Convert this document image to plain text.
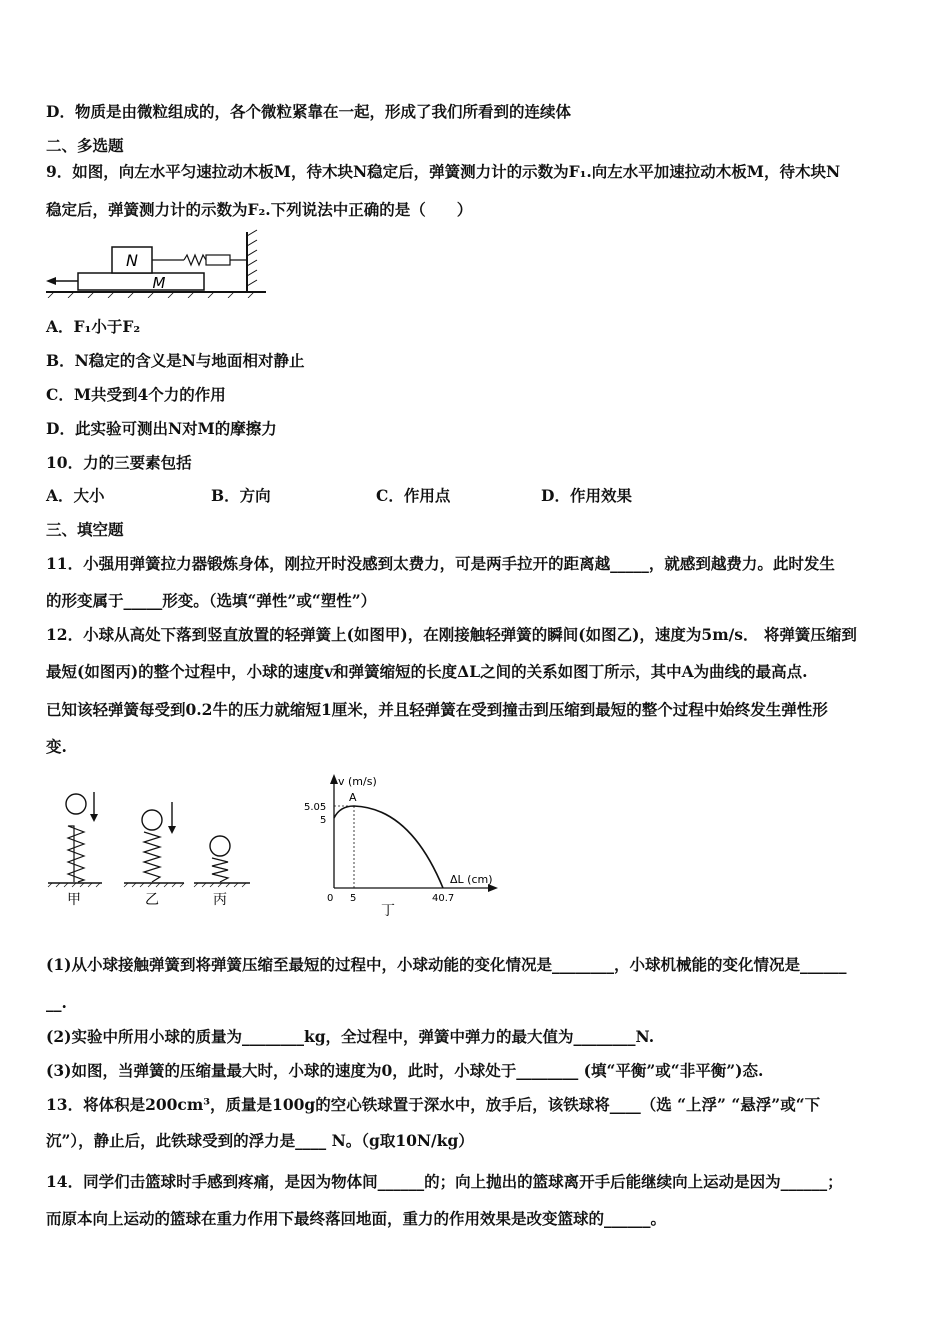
D．物质是由微粒组成的，各个微粒紧靠在一起，形成了我们所看到的连续体
二、多选题
9．如图，向左水平匀速拉动木板M，待木块N稳定后，弹簧测力计的示数为F₁.向左水平加速拉动木板M，待木块N
稳定后，弹簧测力计的示数为F₂.下列说法中正确的是（　　）
M
N
A．F₁小于F₂
B．N稳定的含义是N与地面相对静止
C．M共受到4个力的作用
D．此实验可测出N对M的摩擦力
10．力的三要素包括
A．大小	B．方向	C．作用点	D．作用效果
三、填空题
11．小强用弹簧拉力器锻炼身体，刚拉开时没感到太费力，可是两手拉开的距离越_____，就感到越费力。此时发生
的形变属于_____形变。（选填“弹性”或“塑性”）
12．小球从高处下落到竖直放置的轻弹簧上(如图甲)，在刚接触轻弹簧的瞬间(如图乙)，速度为5m/s． 将弹簧压缩到
最短(如图丙)的整个过程中，小球的速度v和弹簧缩短的长度ΔL之间的关系如图丁所示，其中A为曲线的最高点.
已知该轻弹簧每受到0.2牛的压力就缩短1厘米，并且轻弹簧在受到撞击到压缩到最短的整个过程中始终发生弹性形
变.
甲	乙	丙
v (m/s)
ΔL (cm)
5.05
5
0 5	40.7
A
丁
(1)从小球接触弹簧到将弹簧压缩至最短的过程中，小球动能的变化情况是________，小球机械能的变化情况是______
__.
(2)实验中所用小球的质量为________kg，全过程中，弹簧中弹力的最大值为________N.
(3)如图，当弹簧的压缩量最大时，小球的速度为0，此时，小球处于________ (填“平衡”或“非平衡”)态.
13．将体积是200cm³，质量是100g的空心铁球置于深水中，放手后，该铁球将____（选 “上浮” “悬浮”或“下
沉”），静止后，此铁球受到的浮力是____ N。（g取10N/kg）
14．同学们击篮球时手感到疼痛，是因为物体间______的；向上抛出的篮球离开手后能继续向上运动是因为______；
而原本向上运动的篮球在重力作用下最终落回地面，重力的作用效果是改变篮球的______。
